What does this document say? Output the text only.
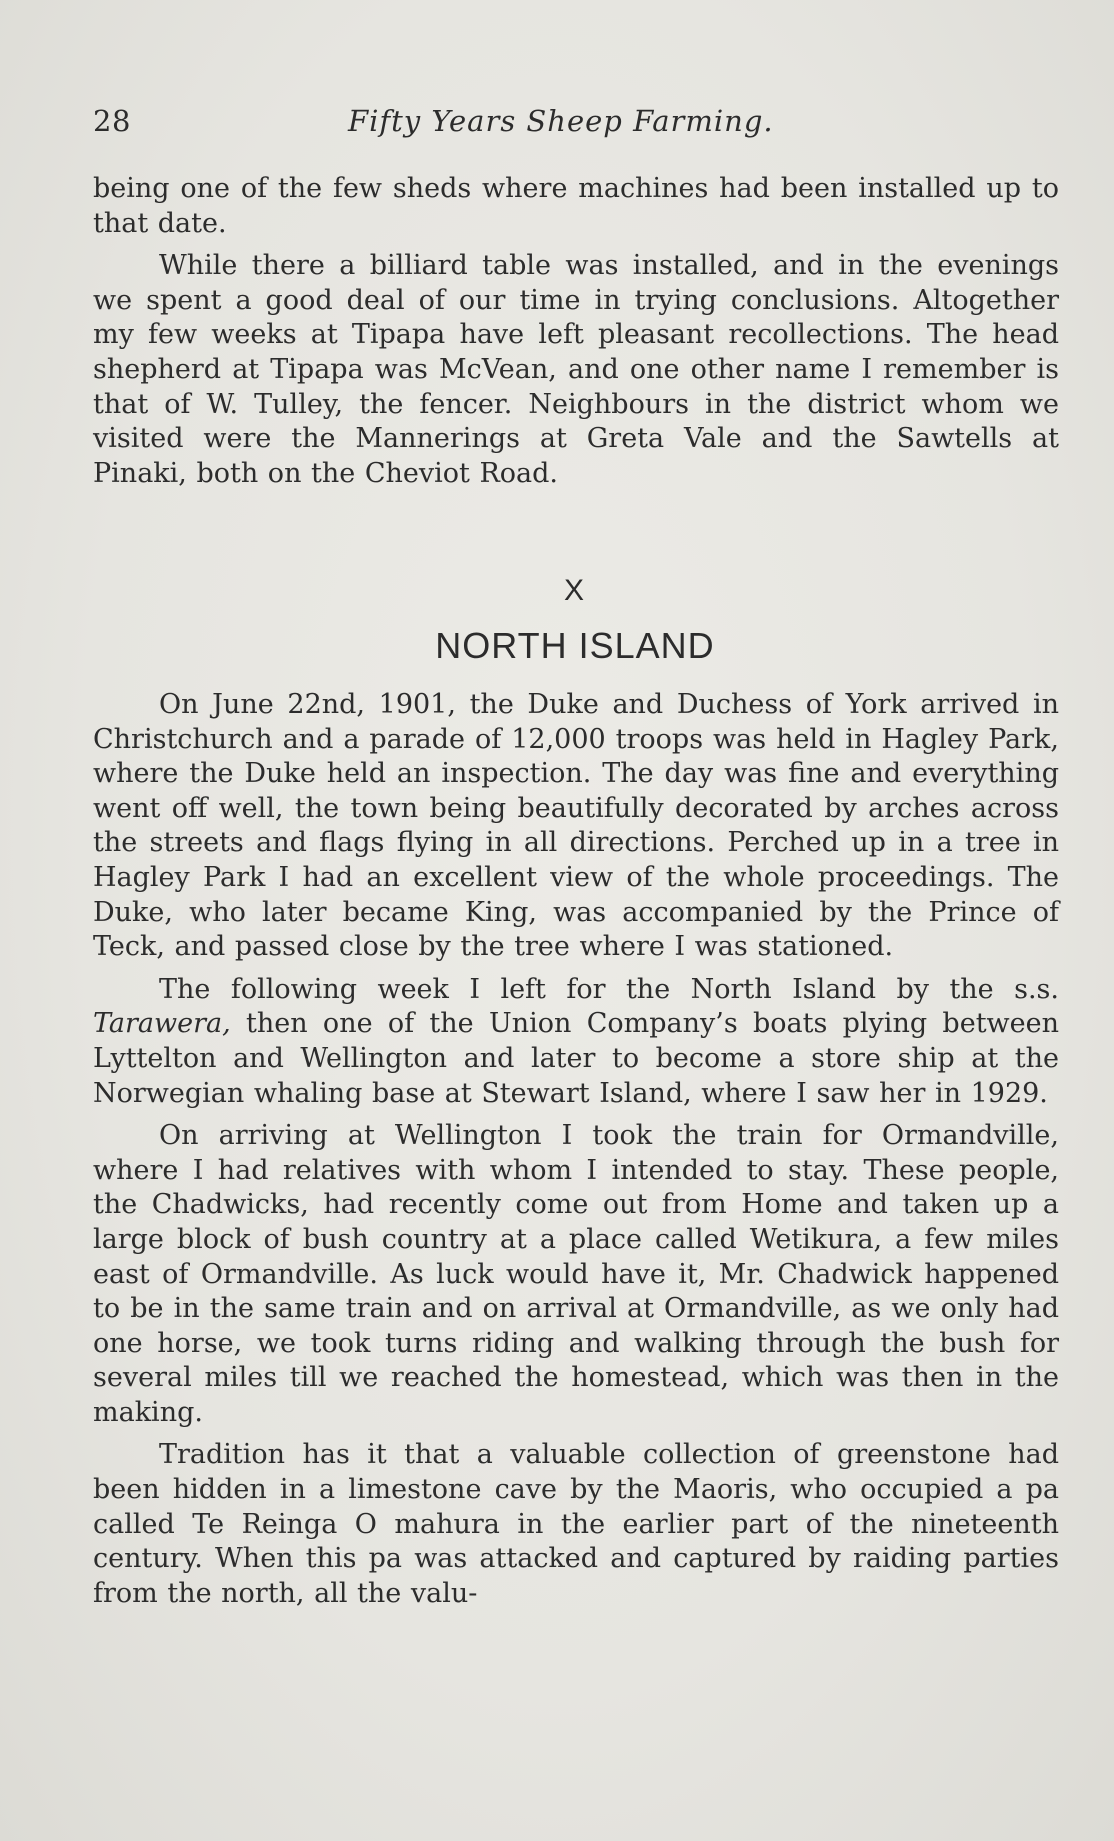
28	Fifty Years Sheep Farming.

being one of the few sheds where machines had been installed up to that date.

While there a billiard table was installed, and in the evenings we spent a good deal of our time in trying conclusions. Altogether my few weeks at Tipapa have left pleasant recollections. The head shepherd at Tipapa was McVean, and one other name I remember is that of W. Tulley, the fencer. Neighbours in the district whom we visited were the Mannerings at Greta Vale and the Sawtells at Pinaki, both on the Cheviot Road.

X
NORTH ISLAND

On June 22nd, 1901, the Duke and Duchess of York arrived in Christchurch and a parade of 12,000 troops was held in Hagley Park, where the Duke held an inspection. The day was fine and everything went off well, the town being beautifully decorated by arches across the streets and flags flying in all directions. Perched up in a tree in Hagley Park I had an excellent view of the whole proceedings. The Duke, who later became King, was accompanied by the Prince of Teck, and passed close by the tree where I was stationed.

The following week I left for the North Island by the s.s. Tarawera, then one of the Union Company’s boats plying between Lyttelton and Wellington and later to become a store ship at the Norwegian whaling base at Stewart Island, where I saw her in 1929.

On arriving at Wellington I took the train for Ormandville, where I had relatives with whom I intended to stay. These people, the Chadwicks, had recently come out from Home and taken up a large block of bush country at a place called Wetikura, a few miles east of Ormandville. As luck would have it, Mr. Chadwick happened to be in the same train and on arrival at Ormandville, as we only had one horse, we took turns riding and walking through the bush for several miles till we reached the homestead, which was then in the making.

Tradition has it that a valuable collection of greenstone had been hidden in a limestone cave by the Maoris, who occupied a pa called Te Reinga O mahura in the earlier part of the nineteenth century. When this pa was attacked and captured by raiding parties from the north, all the valu-
